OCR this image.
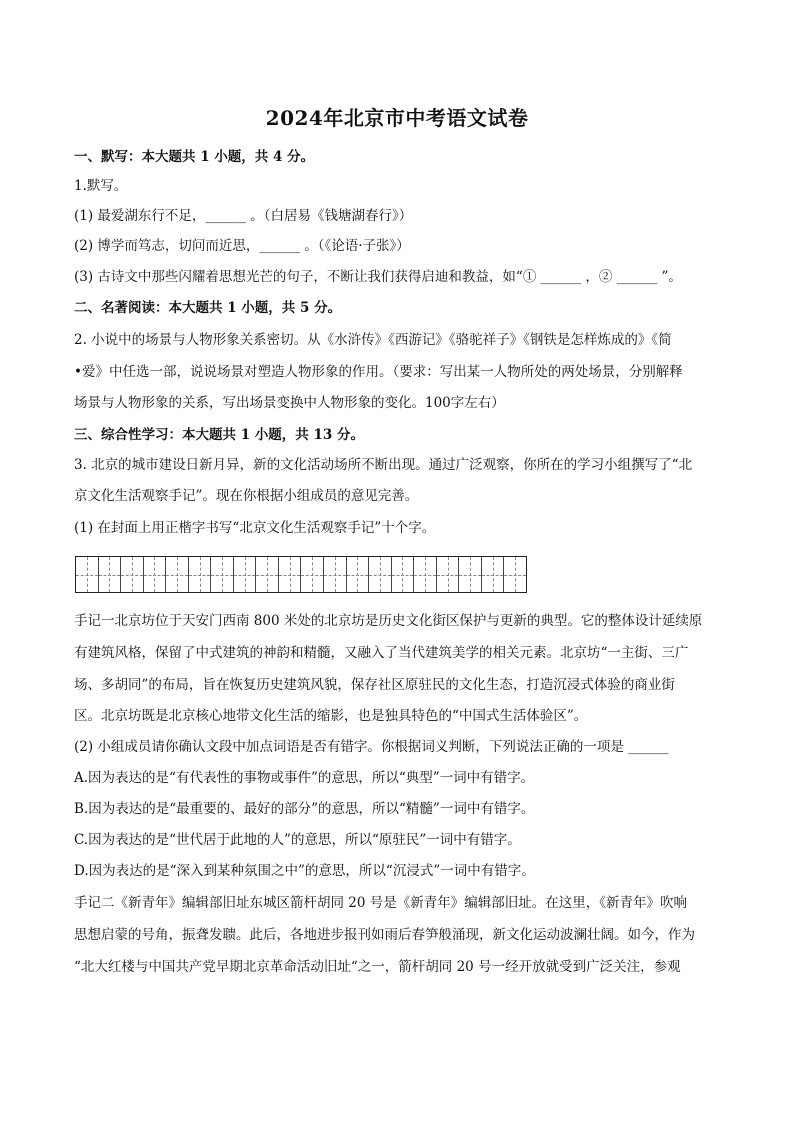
2024年北京市中考语文试卷
一、默写：本大题共 1 小题，共 4 分。
1.默写。
(1) 最爱湖东行不足，______ 。（白居易《钱塘湖春行》）
(2) 博学而笃志，切问而近思，______ 。（《论语·子张》）
(3) 古诗文中那些闪耀着思想光芒的句子，不断让我们获得启迪和教益，如“① ______ ，② ______ ”。
二、名著阅读：本大题共 1 小题，共 5 分。
2. 小说中的场景与人物形象关系密切。从《水浒传》《西游记》《骆驼祥子》《钢铁是怎样炼成的》《简
•爱》中任选一部，说说场景对塑造人物形象的作用。（要求：写出某一人物所处的两处场景，分别解释
场景与人物形象的关系，写出场景变换中人物形象的变化。100字左右）
三、综合性学习：本大题共 1 小题，共 13 分。
3. 北京的城市建设日新月异，新的文化活动场所不断出现。通过广泛观察，你所在的学习小组撰写了“北
京文化生活观察手记”。现在你根据小组成员的意见完善。
(1) 在封面上用正楷字书写“北京文化生活观察手记”十个字。
手记一北京坊位于天安门西南 800 米处的北京坊是历史文化街区保护与更新的典型。它的整体设计延续原
有建筑风格，保留了中式建筑的神韵和精髓，又融入了当代建筑美学的相关元素。北京坊“一主街、三广
场、多胡同”的布局，旨在恢复历史建筑风貌，保存社区原驻民的文化生态，打造沉浸式体验的商业街
区。北京坊既是北京核心地带文化生活的缩影，也是独具特色的“中国式生活体验区”。
(2) 小组成员请你确认文段中加点词语是否有错字。你根据词义判断，下列说法正确的一项是 ______
A.因为表达的是“有代表性的事物或事件”的意思，所以“典型”一词中有错字。
B.因为表达的是“最重要的、最好的部分”的意思，所以“精髓”一词中有错字。
C.因为表达的是“世代居于此地的人”的意思，所以“原驻民”一词中有错字。
D.因为表达的是“深入到某种氛围之中”的意思，所以“沉浸式”一词中有错字。
手记二《新青年》编辑部旧址东城区箭杆胡同 20 号是《新青年》编辑部旧址。在这里，《新青年》吹响
思想启蒙的号角，振聋发聩。此后，各地进步报刊如雨后春笋般涌现，新文化运动波澜壮阔。如今，作为
“北大红楼与中国共产党早期北京革命活动旧址“之一，箭杆胡同 20 号一经开放就受到广泛关注，参观
